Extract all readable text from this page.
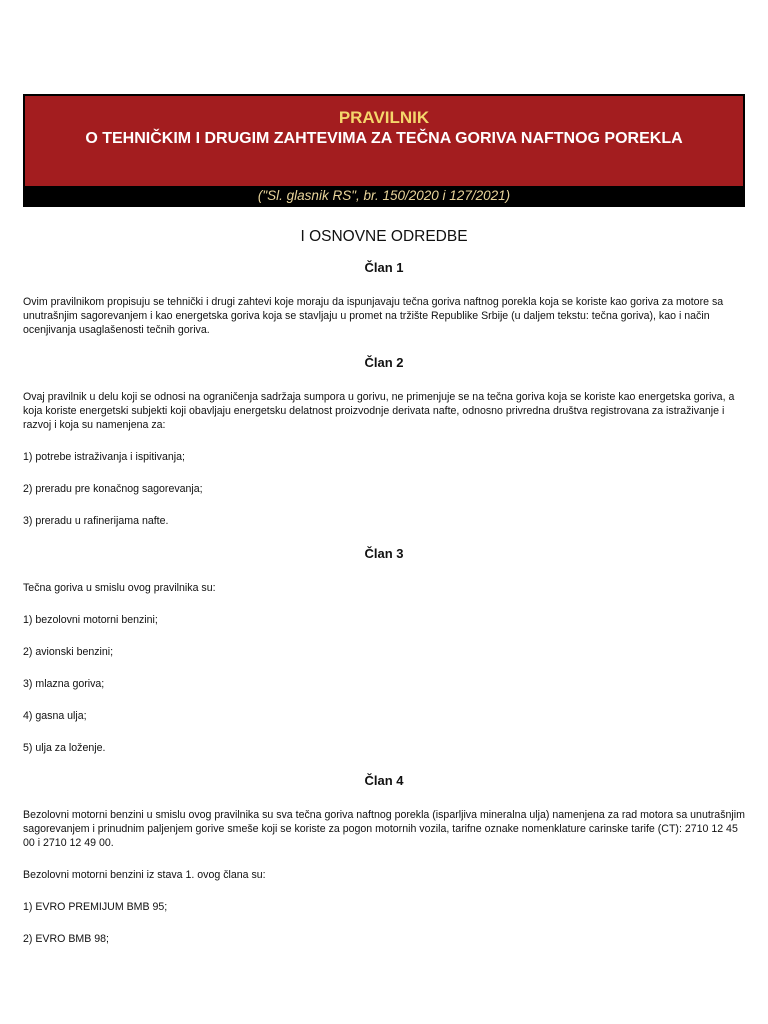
PRAVILNIK
O TEHNIČKIM I DRUGIM ZAHTEVIMA ZA TEČNA GORIVA NAFTNOG POREKLA
("Sl. glasnik RS", br. 150/2020 i 127/2021)
I OSNOVNE ODREDBE
Član 1

Ovim pravilnikom propisuju se tehnički i drugi zahtevi koje moraju da ispunjavaju tečna goriva naftnog porekla koja se koriste kao goriva za motore sa unutrašnjim sagorevanjem i kao energetska goriva koja se stavljaju u promet na tržište Republike Srbije (u daljem tekstu: tečna goriva), kao i način ocenjivanja usaglašenosti tečnih goriva.

Član 2

Ovaj pravilnik u delu koji se odnosi na ograničenja sadržaja sumpora u gorivu, ne primenjuje se na tečna goriva koja se koriste kao energetska goriva, a koja koriste energetski subjekti koji obavljaju energetsku delatnost proizvodnje derivata nafte, odnosno privredna društva registrovana za istraživanje i razvoj i koja su namenjena za:

1) potrebe istraživanja i ispitivanja;

2) preradu pre konačnog sagorevanja;

3) preradu u rafinerijama nafte.

Član 3

Tečna goriva u smislu ovog pravilnika su:

1) bezolovni motorni benzini;

2) avionski benzini;

3) mlazna goriva;

4) gasna ulja;

5) ulja za loženje.

Član 4

Bezolovni motorni benzini u smislu ovog pravilnika su sva tečna goriva naftnog porekla (isparljiva mineralna ulja) namenjena za rad motora sa unutrašnjim sagorevanjem i prinudnim paljenjem gorive smeše koji se koriste za pogon motornih vozila, tarifne oznake nomenklature carinske tarife (CT): 2710 12 45 00 i 2710 12 49 00.

Bezolovni motorni benzini iz stava 1. ovog člana su:

1) EVRO PREMIJUM BMB 95;

2) EVRO BMB 98;
